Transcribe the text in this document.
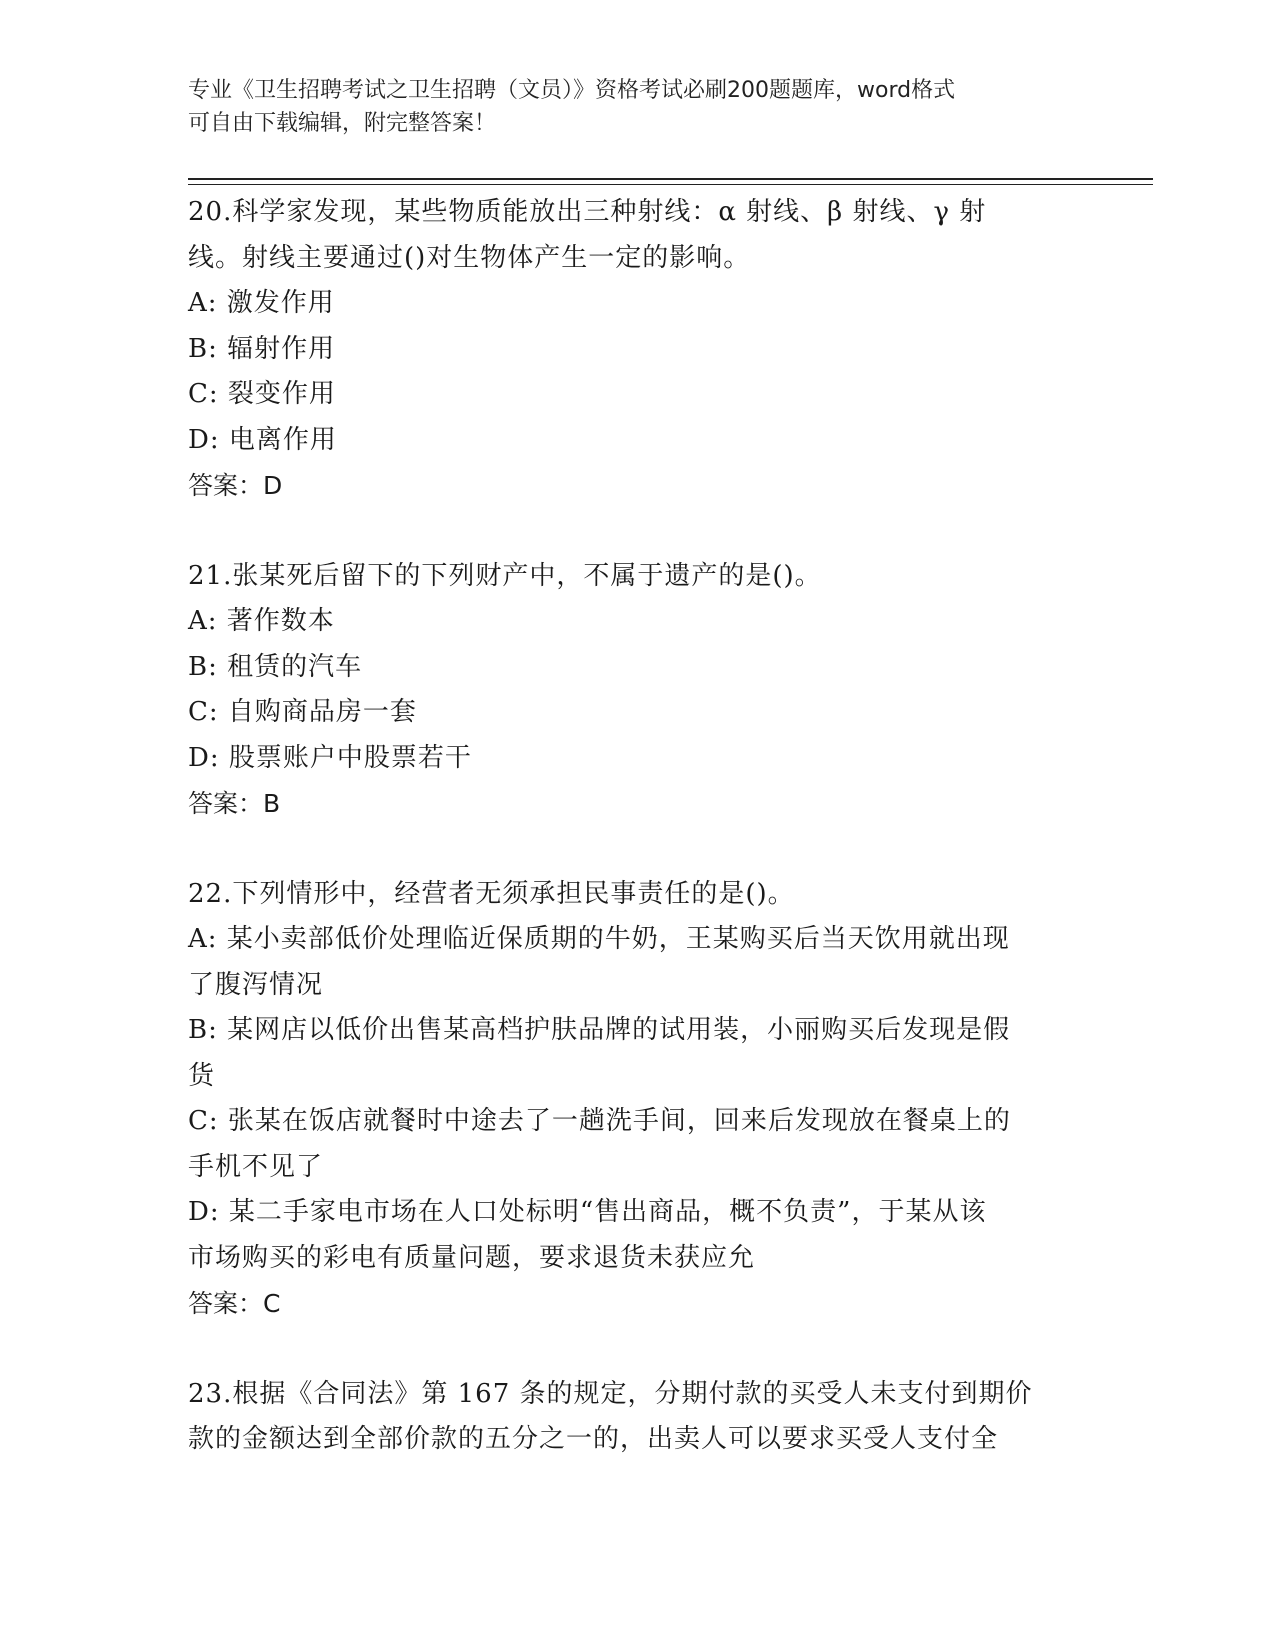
专业《卫生招聘考试之卫生招聘（文员）》资格考试必刷200题题库，word格式
可自由下载编辑，附完整答案！
20.科学家发现，某些物质能放出三种射线：α 射线、β 射线、γ 射
线。射线主要通过()对生物体产生一定的影响。
A: 激发作用
B: 辐射作用
C: 裂变作用
D: 电离作用
答案：D
21.张某死后留下的下列财产中，不属于遗产的是()。
A: 著作数本
B: 租赁的汽车
C: 自购商品房一套
D: 股票账户中股票若干
答案：B
22.下列情形中，经营者无须承担民事责任的是()。
A: 某小卖部低价处理临近保质期的牛奶，王某购买后当天饮用就出现
了腹泻情况
B: 某网店以低价出售某高档护肤品牌的试用装，小丽购买后发现是假
货
C: 张某在饭店就餐时中途去了一趟洗手间，回来后发现放在餐桌上的
手机不见了
D: 某二手家电市场在人口处标明“售出商品，概不负责”，于某从该
市场购买的彩电有质量问题，要求退货未获应允
答案：C
23.根据《合同法》第 167 条的规定，分期付款的买受人未支付到期价
款的金额达到全部价款的五分之一的，出卖人可以要求买受人支付全
